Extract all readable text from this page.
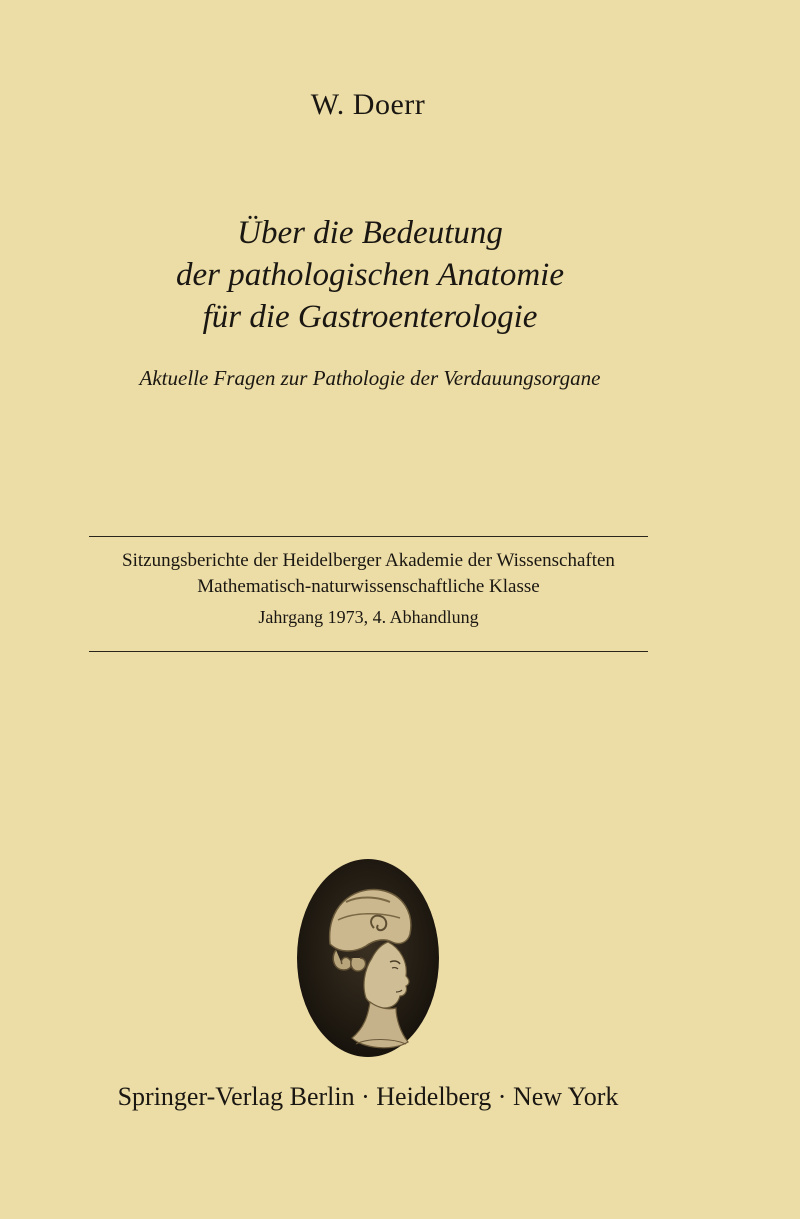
W. Doerr
Über die Bedeutung
der pathologischen Anatomie
für die Gastroenterologie
Aktuelle Fragen zur Pathologie der Verdauungsorgane
Sitzungsberichte der Heidelberger Akademie der Wissenschaften
Mathematisch-naturwissenschaftliche Klasse
Jahrgang 1973, 4. Abhandlung
Springer-Verlag Berlin · Heidelberg · New York
